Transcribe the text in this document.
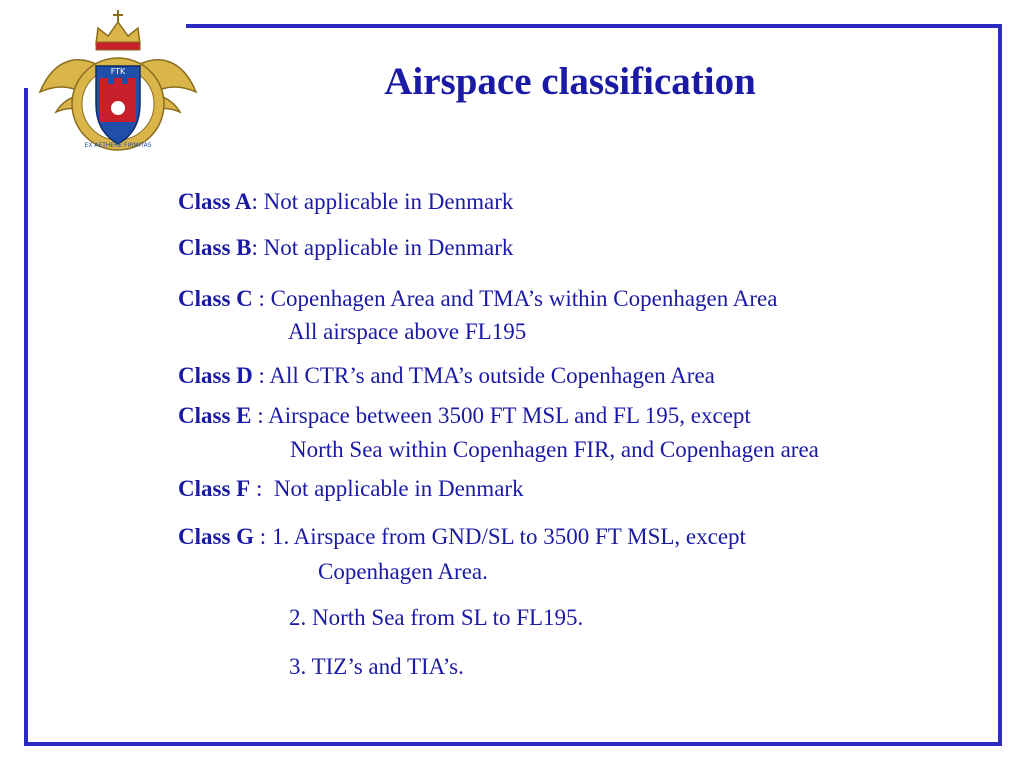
FTK
EX AETHERE FIRMITAS
Airspace classification
Class A: Not applicable in Denmark
Class B: Not applicable in Denmark
Class C : Copenhagen Area and TMA’s within Copenhagen Area
All airspace above FL195
Class D : All CTR’s and TMA’s outside Copenhagen Area
Class E : Airspace between 3500 FT MSL and FL 195, except
North Sea within Copenhagen FIR, and Copenhagen area
Class F :  Not applicable in Denmark
Class G : 1. Airspace from GND/SL to 3500 FT MSL, except
Copenhagen Area.
2. North Sea from SL to FL195.
3. TIZ’s and TIA’s.
